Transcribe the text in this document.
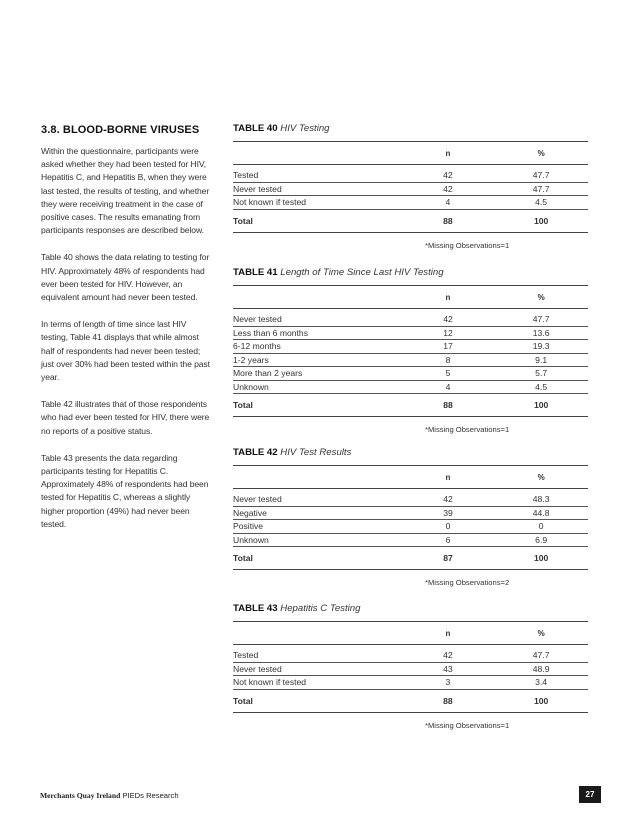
3.8. BLOOD-BORNE VIRUSES

Within the questionnaire, participants were asked whether they had been tested for HIV, Hepatitis C, and Hepatitis B, when they were last tested, the results of testing, and whether they were receiving treatment in the case of positive cases. The results emanating from participants responses are described below.

Table 40 shows the data relating to testing for HIV. Approximately 48% of respondents had ever been tested for HIV. However, an equivalent amount had never been tested.

In terms of length of time since last HIV testing, Table 41 displays that while almost half of respondents had never been tested; just over 30% had been tested within the past year.

Table 42 illustrates that of those respondents who had ever been tested for HIV, there were no reports of a positive status.

Table 43 presents the data regarding participants testing for Hepatitis C. Approximately 48% of respondents had been tested for Hepatitis C, whereas a slightly higher proportion (49%) had never been tested.

TABLE 40 HIV Testing

	n	%
Tested	42	47.7
Never tested	42	47.7
Not known if tested	4	4.5
Total	88	100
*Missing Observations=1

TABLE 41 Length of Time Since Last HIV Testing

	n	%
Never tested	42	47.7
Less than 6 months	12	13.6
6-12 months	17	19.3
1-2 years	8	9.1
More than 2 years	5	5.7
Unknown	4	4.5
Total	88	100
*Missing Observations=1

TABLE 42 HIV Test Results

	n	%
Never tested	42	48.3
Negative	39	44.8
Positive	0	0
Unknown	6	6.9
Total	87	100
*Missing Observations=2

TABLE 43 Hepatitis C Testing

	n	%
Tested	42	47.7
Never tested	43	48.9
Not known if tested	3	3.4
Total	88	100
*Missing Observations=1
Merchants Quay Ireland PIEDs Research	27
